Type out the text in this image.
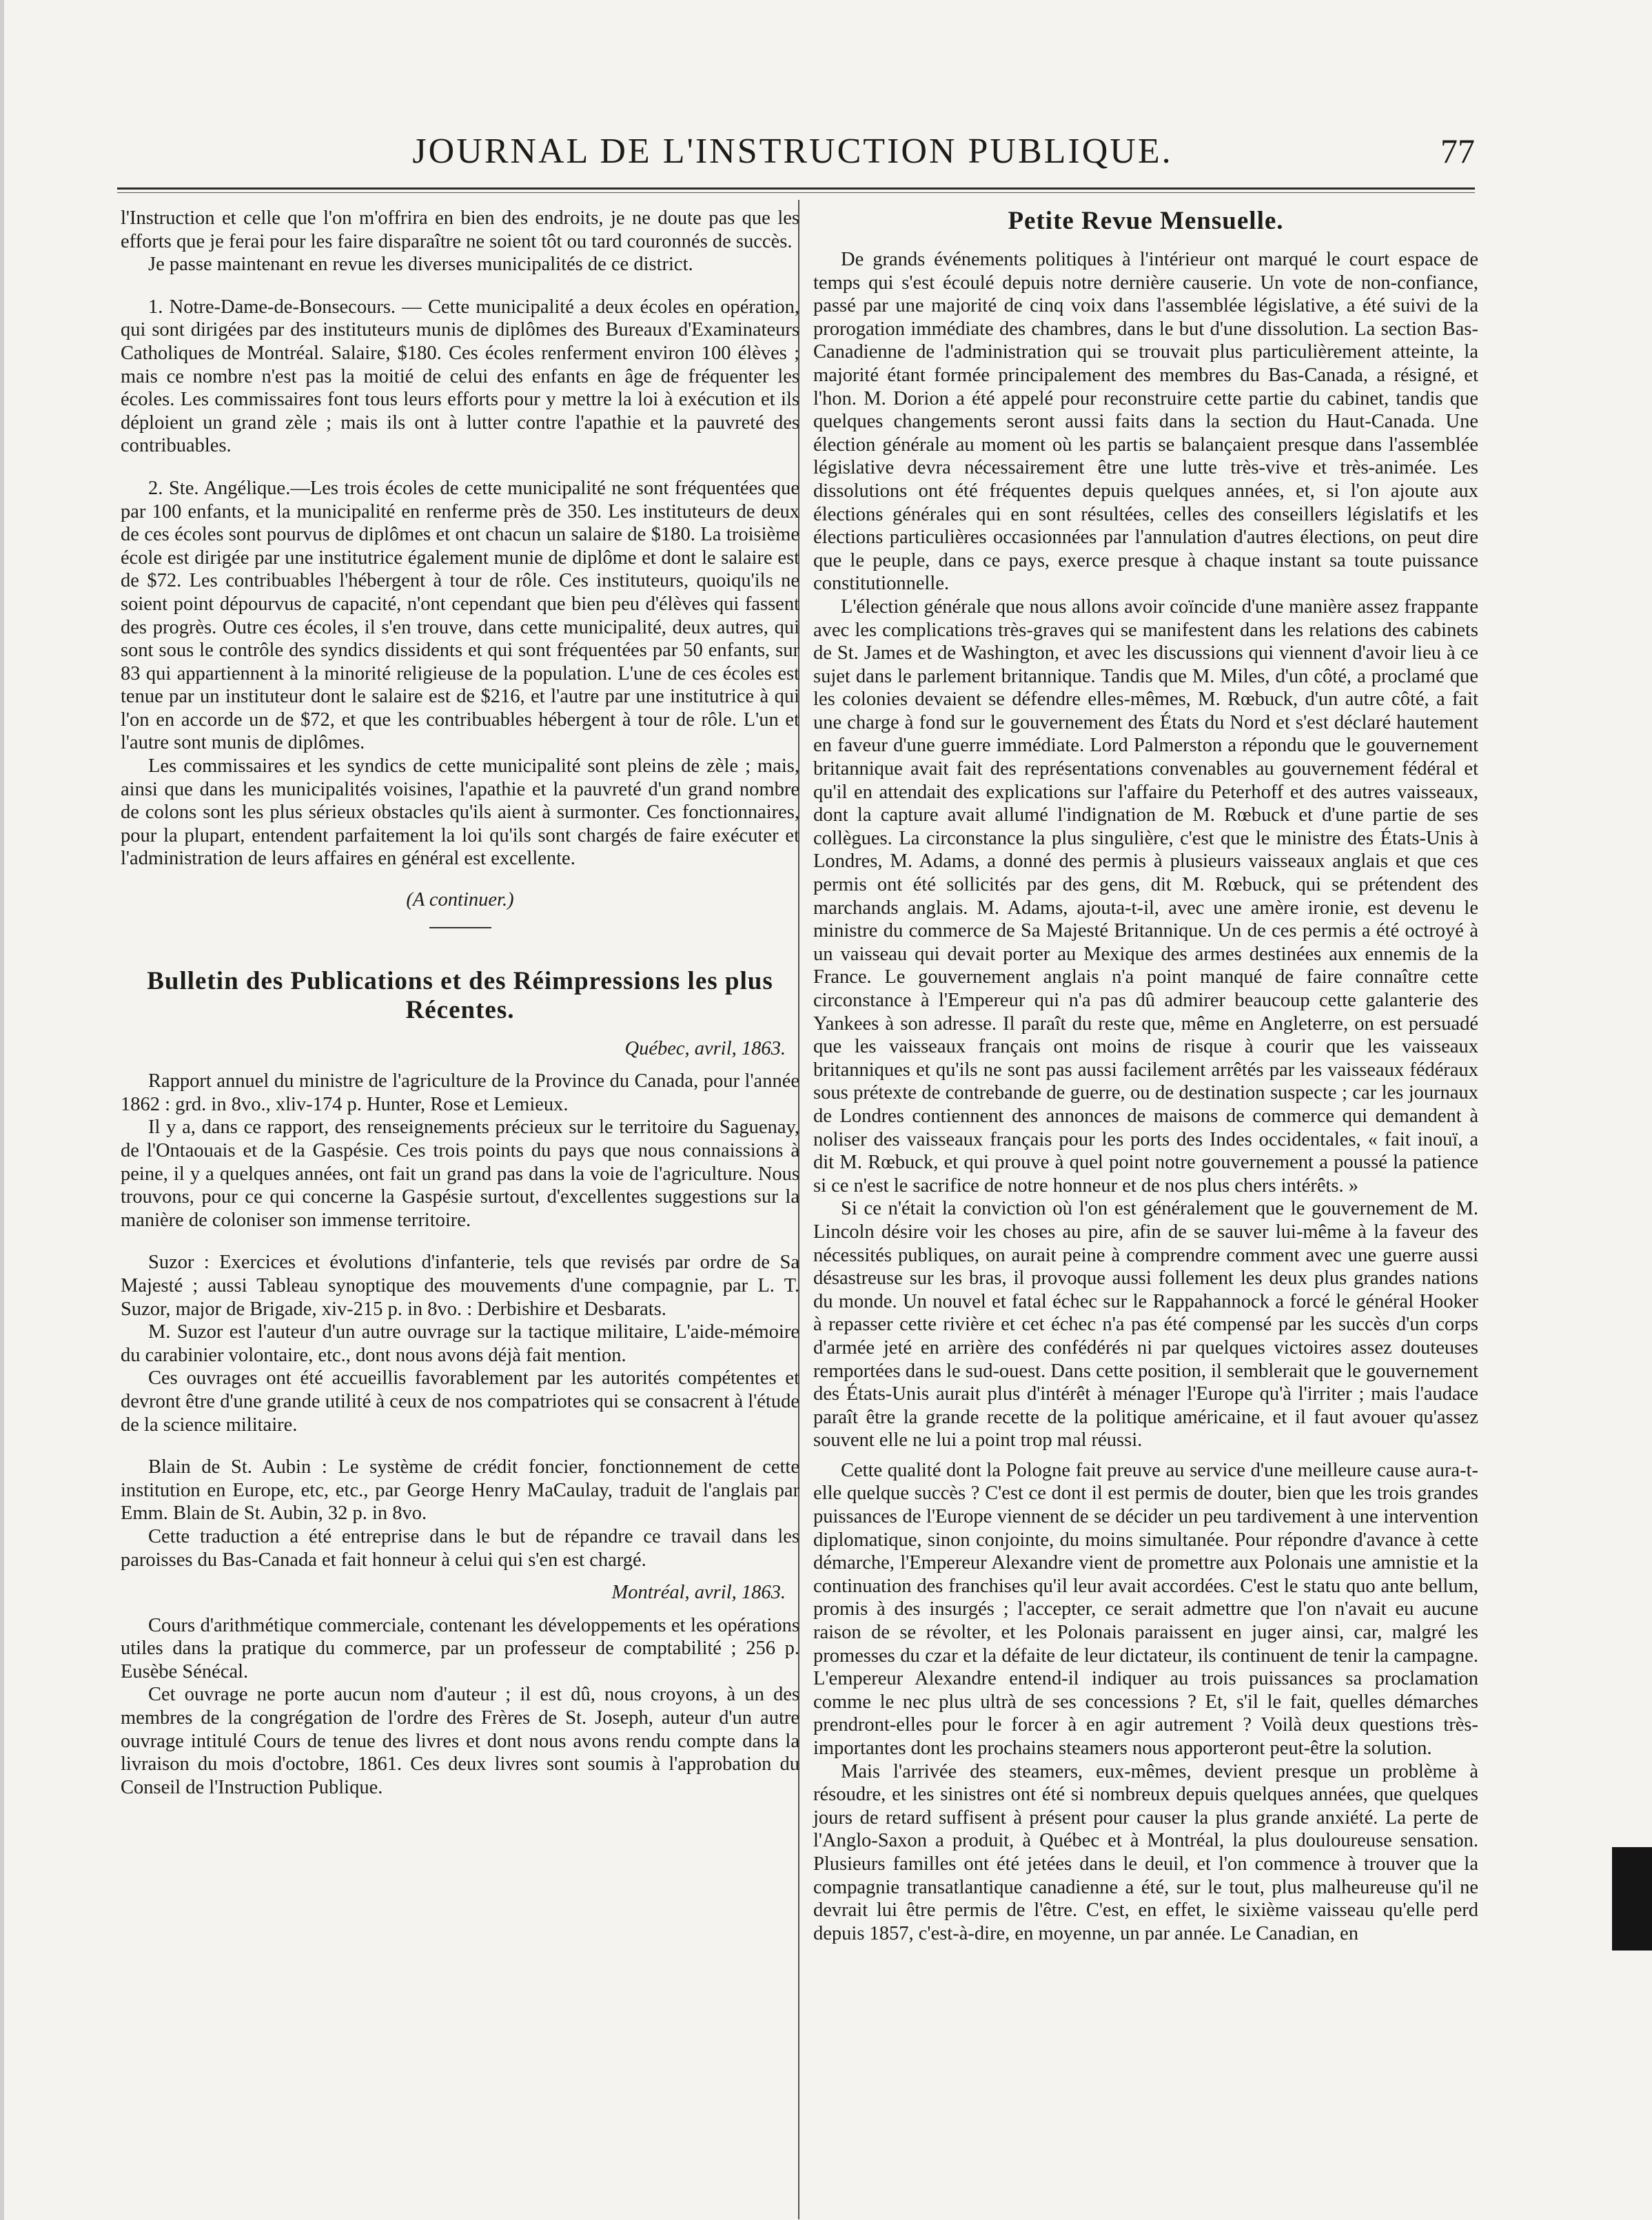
JOURNAL DE L'INSTRUCTION PUBLIQUE.	77

l'Instruction et celle que l'on m'offrira en bien des endroits, je ne doute pas que les efforts que je ferai pour les faire disparaître ne soient tôt ou tard couronnés de succès.

Je passe maintenant en revue les diverses municipalités de ce district.

1. Notre-Dame-de-Bonsecours. — Cette municipalité a deux écoles en opération, qui sont dirigées par des instituteurs munis de diplômes des Bureaux d'Examinateurs Catholiques de Montréal. Salaire, $180. Ces écoles renferment environ 100 élèves ; mais ce nombre n'est pas la moitié de celui des enfants en âge de fréquenter les écoles. Les commissaires font tous leurs efforts pour y mettre la loi à exécution et ils déploient un grand zèle ; mais ils ont à lutter contre l'apathie et la pauvreté des contribuables.

2. Ste. Angélique.—Les trois écoles de cette municipalité ne sont fréquentées que par 100 enfants, et la municipalité en renferme près de 350. Les instituteurs de deux de ces écoles sont pourvus de diplômes et ont chacun un salaire de $180. La troisième école est dirigée par une institutrice également munie de diplôme et dont le salaire est de $72. Les contribuables l'hébergent à tour de rôle. Ces instituteurs, quoiqu'ils ne soient point dépourvus de capacité, n'ont cependant que bien peu d'élèves qui fassent des progrès. Outre ces écoles, il s'en trouve, dans cette municipalité, deux autres, qui sont sous le contrôle des syndics dissidents et qui sont fréquentées par 50 enfants, sur 83 qui appartiennent à la minorité religieuse de la population. L'une de ces écoles est tenue par un instituteur dont le salaire est de $216, et l'autre par une institutrice à qui l'on en accorde un de $72, et que les contribuables hébergent à tour de rôle. L'un et l'autre sont munis de diplômes.

Les commissaires et les syndics de cette municipalité sont pleins de zèle ; mais, ainsi que dans les municipalités voisines, l'apathie et la pauvreté d'un grand nombre de colons sont les plus sérieux obstacles qu'ils aient à surmonter. Ces fonctionnaires, pour la plupart, entendent parfaitement la loi qu'ils sont chargés de faire exécuter et l'administration de leurs affaires en général est excellente.

(A continuer.)

Bulletin des Publications et des Réimpressions les plus Récentes.

Québec, avril, 1863.

Rapport annuel du ministre de l'agriculture de la Province du Canada, pour l'année 1862 : grd. in 8vo., xliv-174 p. Hunter, Rose et Lemieux.

Il y a, dans ce rapport, des renseignements précieux sur le territoire du Saguenay, de l'Ontaouais et de la Gaspésie. Ces trois points du pays que nous connaissions à peine, il y a quelques années, ont fait un grand pas dans la voie de l'agriculture. Nous trouvons, pour ce qui concerne la Gaspésie surtout, d'excellentes suggestions sur la manière de coloniser son immense territoire.

Suzor : Exercices et évolutions d'infanterie, tels que revisés par ordre de Sa Majesté ; aussi Tableau synoptique des mouvements d'une compagnie, par L. T. Suzor, major de Brigade, xiv-215 p. in 8vo. : Derbishire et Desbarats.

M. Suzor est l'auteur d'un autre ouvrage sur la tactique militaire, L'aide-mémoire du carabinier volontaire, etc., dont nous avons déjà fait mention.

Ces ouvrages ont été accueillis favorablement par les autorités compétentes et devront être d'une grande utilité à ceux de nos compatriotes qui se consacrent à l'étude de la science militaire.

Blain de St. Aubin : Le système de crédit foncier, fonctionnement de cette institution en Europe, etc, etc., par George Henry MaCaulay, traduit de l'anglais par Emm. Blain de St. Aubin, 32 p. in 8vo.

Cette traduction a été entreprise dans le but de répandre ce travail dans les paroisses du Bas-Canada et fait honneur à celui qui s'en est chargé.

Montréal, avril, 1863.

Cours d'arithmétique commerciale, contenant les développements et les opérations utiles dans la pratique du commerce, par un professeur de comptabilité ; 256 p. Eusèbe Sénécal.

Cet ouvrage ne porte aucun nom d'auteur ; il est dû, nous croyons, à un des membres de la congrégation de l'ordre des Frères de St. Joseph, auteur d'un autre ouvrage intitulé Cours de tenue des livres et dont nous avons rendu compte dans la livraison du mois d'octobre, 1861. Ces deux livres sont soumis à l'approbation du Conseil de l'Instruction Publique.

Petite Revue Mensuelle.

De grands événements politiques à l'intérieur ont marqué le court espace de temps qui s'est écoulé depuis notre dernière causerie. Un vote de non-confiance, passé par une majorité de cinq voix dans l'assemblée législative, a été suivi de la prorogation immédiate des chambres, dans le but d'une dissolution. La section Bas-Canadienne de l'administration qui se trouvait plus particulièrement atteinte, la majorité étant formée principalement des membres du Bas-Canada, a résigné, et l'hon. M. Dorion a été appelé pour reconstruire cette partie du cabinet, tandis que quelques changements seront aussi faits dans la section du Haut-Canada. Une élection générale au moment où les partis se balançaient presque dans l'assemblée législative devra nécessairement être une lutte très-vive et très-animée. Les dissolutions ont été fréquentes depuis quelques années, et, si l'on ajoute aux élections générales qui en sont résultées, celles des conseillers législatifs et les élections particulières occasionnées par l'annulation d'autres élections, on peut dire que le peuple, dans ce pays, exerce presque à chaque instant sa toute puissance constitutionnelle.

L'élection générale que nous allons avoir coïncide d'une manière assez frappante avec les complications très-graves qui se manifestent dans les relations des cabinets de St. James et de Washington, et avec les discussions qui viennent d'avoir lieu à ce sujet dans le parlement britannique. Tandis que M. Miles, d'un côté, a proclamé que les colonies devaient se défendre elles-mêmes, M. Rœbuck, d'un autre côté, a fait une charge à fond sur le gouvernement des États du Nord et s'est déclaré hautement en faveur d'une guerre immédiate. Lord Palmerston a répondu que le gouvernement britannique avait fait des représentations convenables au gouvernement fédéral et qu'il en attendait des explications sur l'affaire du Peterhoff et des autres vaisseaux, dont la capture avait allumé l'indignation de M. Rœbuck et d'une partie de ses collègues. La circonstance la plus singulière, c'est que le ministre des États-Unis à Londres, M. Adams, a donné des permis à plusieurs vaisseaux anglais et que ces permis ont été sollicités par des gens, dit M. Rœbuck, qui se prétendent des marchands anglais. M. Adams, ajouta-t-il, avec une amère ironie, est devenu le ministre du commerce de Sa Majesté Britannique. Un de ces permis a été octroyé à un vaisseau qui devait porter au Mexique des armes destinées aux ennemis de la France. Le gouvernement anglais n'a point manqué de faire connaître cette circonstance à l'Empereur qui n'a pas dû admirer beaucoup cette galanterie des Yankees à son adresse. Il paraît du reste que, même en Angleterre, on est persuadé que les vaisseaux français ont moins de risque à courir que les vaisseaux britanniques et qu'ils ne sont pas aussi facilement arrêtés par les vaisseaux fédéraux sous prétexte de contrebande de guerre, ou de destination suspecte ; car les journaux de Londres contiennent des annonces de maisons de commerce qui demandent à noliser des vaisseaux français pour les ports des Indes occidentales, « fait inouï, a dit M. Rœbuck, et qui prouve à quel point notre gouvernement a poussé la patience si ce n'est le sacrifice de notre honneur et de nos plus chers intérêts. »

Si ce n'était la conviction où l'on est généralement que le gouvernement de M. Lincoln désire voir les choses au pire, afin de se sauver lui-même à la faveur des nécessités publiques, on aurait peine à comprendre comment avec une guerre aussi désastreuse sur les bras, il provoque aussi follement les deux plus grandes nations du monde. Un nouvel et fatal échec sur le Rappahannock a forcé le général Hooker à repasser cette rivière et cet échec n'a pas été compensé par les succès d'un corps d'armée jeté en arrière des confédérés ni par quelques victoires assez douteuses remportées dans le sud-ouest. Dans cette position, il semblerait que le gouvernement des États-Unis aurait plus d'intérêt à ménager l'Europe qu'à l'irriter ; mais l'audace paraît être la grande recette de la politique américaine, et il faut avouer qu'assez souvent elle ne lui a point trop mal réussi.

Cette qualité dont la Pologne fait preuve au service d'une meilleure cause aura-t-elle quelque succès ? C'est ce dont il est permis de douter, bien que les trois grandes puissances de l'Europe viennent de se décider un peu tardivement à une intervention diplomatique, sinon conjointe, du moins simultanée. Pour répondre d'avance à cette démarche, l'Empereur Alexandre vient de promettre aux Polonais une amnistie et la continuation des franchises qu'il leur avait accordées. C'est le statu quo ante bellum, promis à des insurgés ; l'accepter, ce serait admettre que l'on n'avait eu aucune raison de se révolter, et les Polonais paraissent en juger ainsi, car, malgré les promesses du czar et la défaite de leur dictateur, ils continuent de tenir la campagne. L'empereur Alexandre entend-il indiquer au trois puissances sa proclamation comme le nec plus ultrà de ses concessions ? Et, s'il le fait, quelles démarches prendront-elles pour le forcer à en agir autrement ? Voilà deux questions très-importantes dont les prochains steamers nous apporteront peut-être la solution.

Mais l'arrivée des steamers, eux-mêmes, devient presque un problème à résoudre, et les sinistres ont été si nombreux depuis quelques années, que quelques jours de retard suffisent à présent pour causer la plus grande anxiété. La perte de l'Anglo-Saxon a produit, à Québec et à Montréal, la plus douloureuse sensation. Plusieurs familles ont été jetées dans le deuil, et l'on commence à trouver que la compagnie transatlantique canadienne a été, sur le tout, plus malheureuse qu'il ne devrait lui être permis de l'être. C'est, en effet, le sixième vaisseau qu'elle perd depuis 1857, c'est-à-dire, en moyenne, un par année. Le Canadian, en
